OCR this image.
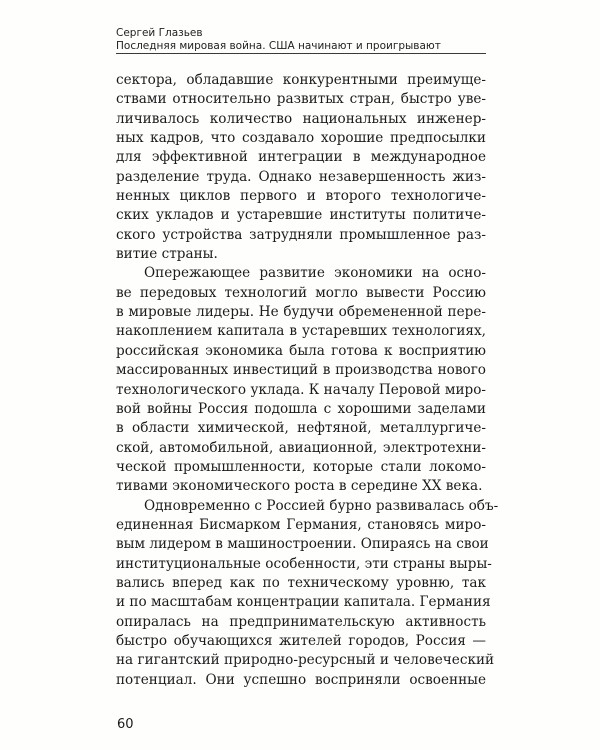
Сергей Глазьев
Последняя мировая война. США начинают и проигрывают
сектора, обладавшие конкурентными преимуще-
ствами относительно развитых стран, быстро уве-
личивалось количество национальных инженер-
ных кадров, что создавало хорошие предпосылки
для эффективной интеграции в международное
разделение труда. Однако незавершенность жиз-
ненных циклов первого и второго технологиче-
ских укладов и устаревшие институты политиче-
ского устройства затрудняли промышленное раз-
витие страны.
Опережающее развитие экономики на осно-
ве передовых технологий могло вывести Россию
в мировые лидеры. Не будучи обремененной пере-
накоплением капитала в устаревших технологиях,
российская экономика была готова к восприятию
массированных инвестиций в производства нового
технологического уклада. К началу Перовой миро-
вой войны Россия подошла с хорошими заделами
в области химической, нефтяной, металлургиче-
ской, автомобильной, авиационной, электротехни-
ческой промышленности, которые стали локомо-
тивами экономического роста в середине XX века.
Одновременно с Россией бурно развивалась объ-
единенная Бисмарком Германия, становясь миро-
вым лидером в машиностроении. Опираясь на свои
институциональные особенности, эти страны выры-
вались вперед как по техническому уровню, так
и по масштабам концентрации капитала. Германия
опиралась на предпринимательскую активность
быстро обучающихся жителей городов, Россия —
на гигантский природно-ресурсный и человеческий
потенциал. Они успешно восприняли освоенные
60
